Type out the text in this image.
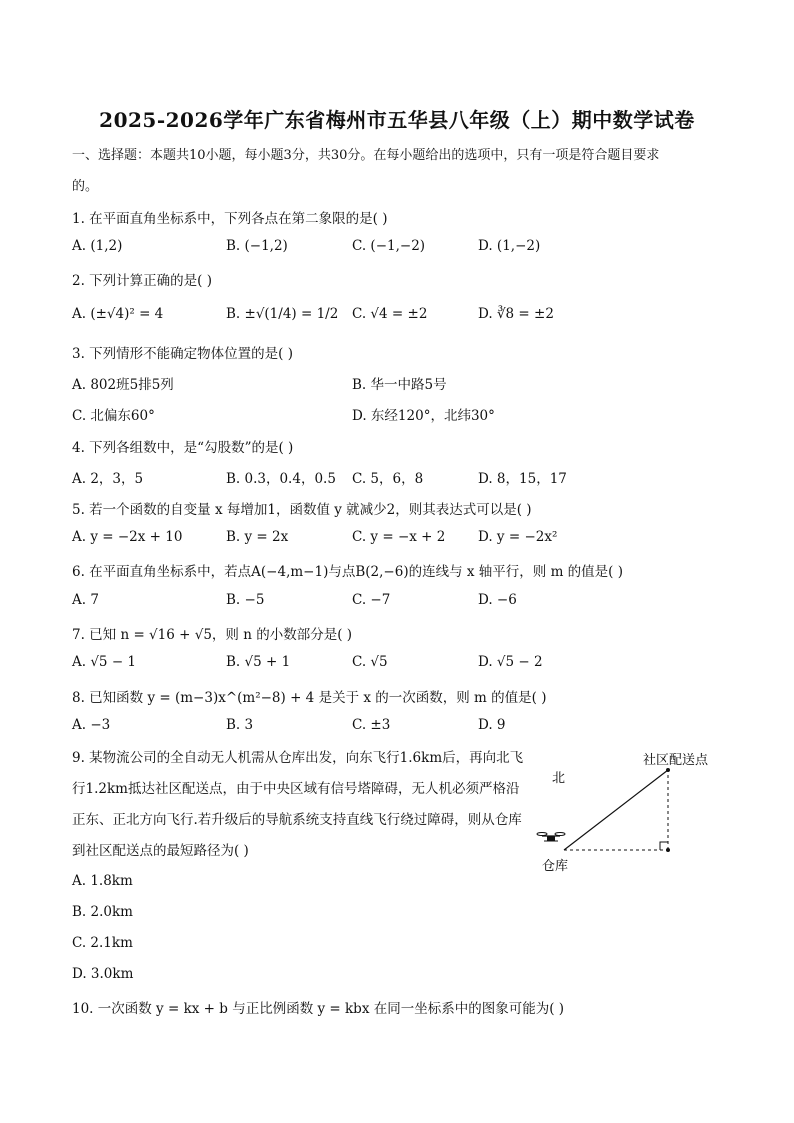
2025-2026学年广东省梅州市五华县八年级（上）期中数学试卷
一、选择题：本题共10小题，每小题3分，共30分。在每小题给出的选项中，只有一项是符合题目要求
的。
1. 在平面直角坐标系中，下列各点在第二象限的是( )
A. (1,2)	B. (−1,2)	C. (−1,−2)	D. (1,−2)
2. 下列计算正确的是( )
A. (±√4)² = 4	B. ±√(1/4) = 1/2 C. √4 = ±2	D. ∛8 = ±2
3. 下列情形不能确定物体位置的是( )
A. 802班5排5列	B. 华一中路5号
C. 北偏东60°	D. 东经120°，北纬30°
4. 下列各组数中，是“勾股数”的是( )
A. 2，3，5	B. 0.3，0.4，0.5 C. 5，6，8	D. 8，15，17
5. 若一个函数的自变量 x 每增加1，函数值 y 就减少2，则其表达式可以是( )
A. y = −2x + 10	B. y = 2x	C. y = −x + 2 D. y = −2x²
6. 在平面直角坐标系中，若点A(−4,m−1)与点B(2,−6)的连线与 x 轴平行，则 m 的值是( )
A. 7	B. −5	C. −7	D. −6
7. 已知 n = √16 + √5，则 n 的小数部分是( )
A. √5 − 1	B. √5 + 1	C. √5	D. √5 − 2
8. 已知函数 y = (m−3)x^(m²−8) + 4 是关于 x 的一次函数，则 m 的值是( )
A. −3	B. 3	C. ±3	D. 9
9. 某物流公司的全自动无人机需从仓库出发，向东飞行1.6km后，再向北飞行1.2km抵达社区配送点，由于中央区域有信号塔障碍，无人机必须严格沿正东、正北方向飞行.若升级后的导航系统支持直线飞行绕过障碍，则从仓库到社区配送点的最短路径为( )
A. 1.8km
B. 2.0km
C. 2.1km
D. 3.0km
北
社区配送点
仓库
10. 一次函数 y = kx + b 与正比例函数 y = kbx 在同一坐标系中的图象可能为( )
